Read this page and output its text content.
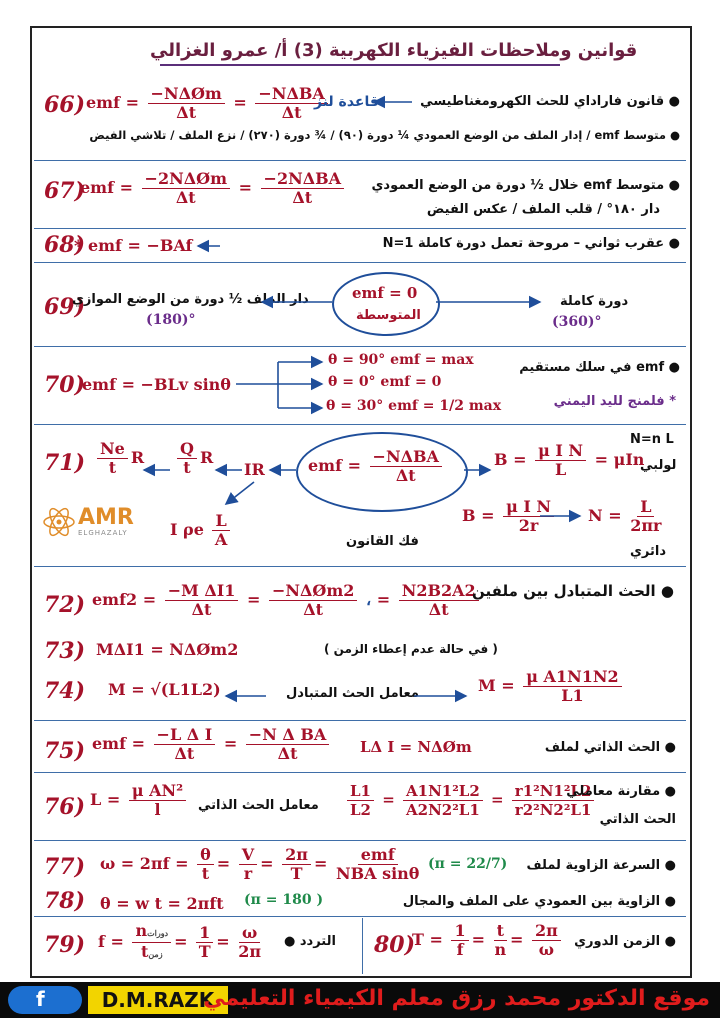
قوانين وملاحظات الفيزياء الكهربية (3) أ/ عمرو الغزالي
66) emf = $\frac{\text{−NΔØm}}{\Delta t} = \frac{\text{−NΔBA}}{\Delta t}$
قاعدة لنز	● قانون فاراداي للحث الكهرومغناطيسي
● متوسط emf / إدار الملف من الوضع العمودي ¼ دورة (٩٠) / ¾ دورة (٢٧٠) / نزع الملف / تلاشي الفيض
67)
emf = $\frac{\text{−2NΔØm}}{\Delta t} = \frac{\text{−2NΔBA}}{\Delta t}$	● متوسط emf خلال ½ دورة من الوضع العمودي
دار ١٨٠° / قلب الملف / عكس الفيض
68)
* emf = −BAf	● عقرب ثواني – مروحة تعمل دورة كاملة N=1
69)
دار الملف ½ دورة من الوضع الموازي
(180)°
emf = 0
المتوسطة
دورة كاملة
(360)°
70)
emf = −BLv sinθ
θ = 90° emf = max
θ = 0° emf = 0
θ = 30° emf = 1/2 max
● emf في سلك مستقيم
* فلمنج لليد اليمني
$71) \frac{Ne}{t}$ R $\frac{Q}{t}$ R
IR
I ρe $\frac{L}{A}$
emf = $\frac{\text{−NΔBA}}{\Delta t}$	$B = \frac{\text{μ I N}}{L} = \mu In$
$B = \frac{\text{μ I N}}{2r}$ $N = \frac{L}{2\pi r}$
N=n L
لولبي
دائري
فك القانون
AMR
ELGHAZALY
72) $emf2 = \frac{\text{−M ΔI1}}{\Delta t} = \frac{\text{−NΔØm2}}{\Delta t}$ ، = $\frac{N2B2A2}{\Delta t}$	● الحث المتبادل بين ملفين
73) MΔI1 = NΔØm2	( في حالة عدم إعطاء الزمن )
74) M = √(L1L2)	معامل الحث المتبادل	$M = \frac{\text{μ A1N1N2}}{L1}$
75) emf = $\frac{\text{−L Δ I}}{\Delta t} = \frac{\text{−N Δ BA}}{\Delta t}$ LΔ I = NΔØm	● الحث الذاتي لملف
76) $L = \frac{\text{μ AN²}}{l}$ معامل الحث الذاتي $\frac{L1}{L2} = \frac{\text{A1N1²L2}}{\text{A2N2²L1}} = \frac{\text{r1²N1²L2}}{\text{r2²N2²L1}}$	● مقارنة معاملي
الحث الذاتي
77) $\omega = 2\pi f = \frac{\theta}{t} = \frac{V}{r} = \frac{2\pi}{T} = \frac{\text{emf}}{\text{NBA sinθ}} (\pi = 22/7)$	● السرعة الزاوية لملف
78) θ = w t = 2πft (π = 180 )	● الزاوية بين العمودي على الملف والمجال
79) $f = \frac{\text{nدورات}}{\text{tزمن}} = \frac{1}{T} = \frac{\omega}{2\pi}$	التردد ●	80)
$T = \frac{1}{f} = \frac{t}{n} = \frac{2\pi}{\omega}$	● الزمن الدوري
f	D.M.RAZK
موقع الدكتور محمد رزق معلم الكيمياء التعليمي
